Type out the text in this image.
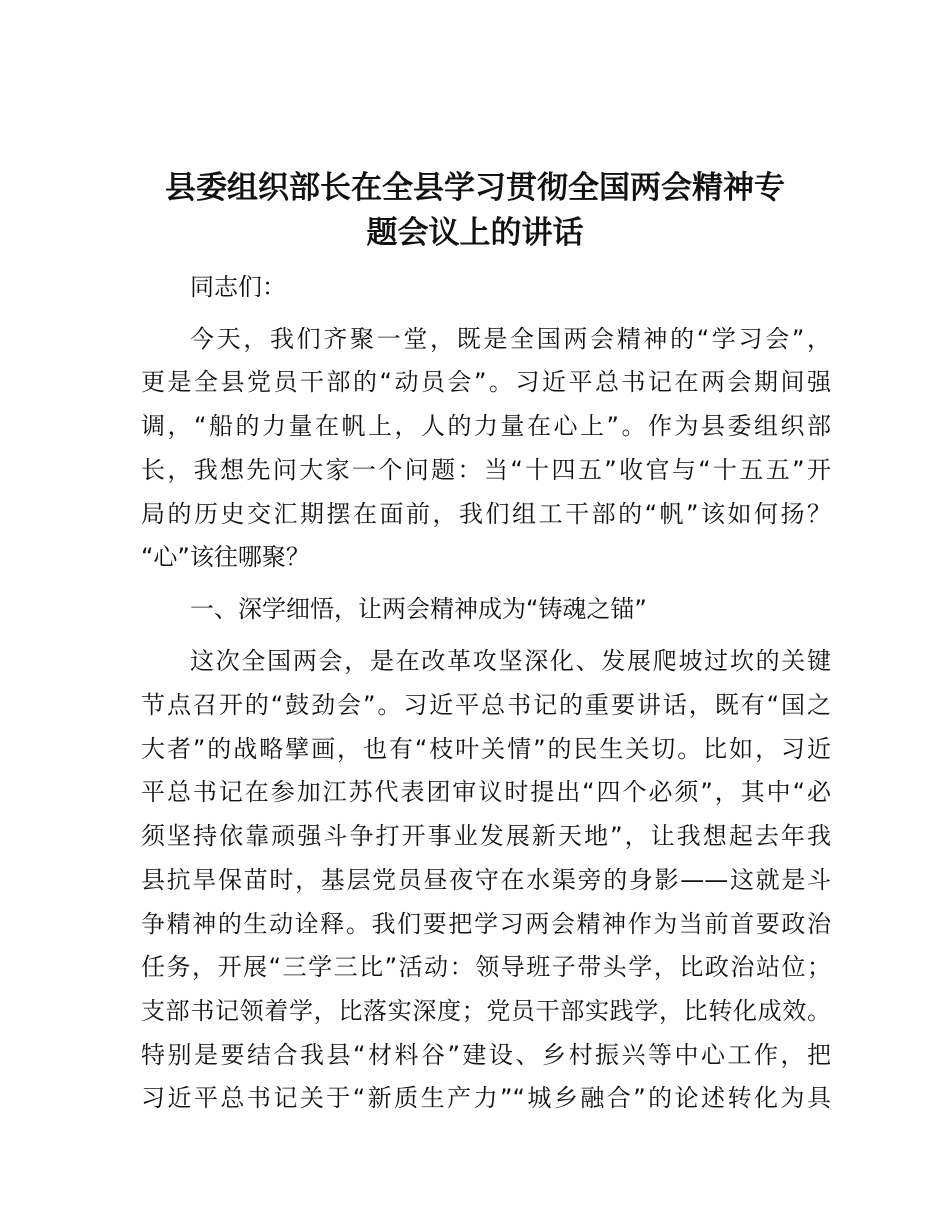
县委组织部长在全县学习贯彻全国两会精神专
题会议上的讲话

同志们：

今天，我们齐聚一堂，既是全国两会精神的“学习会”，

更是全县党员干部的“动员会”。习近平总书记在两会期间强

调，“船的力量在帆上，人的力量在心上”。作为县委组织部

长，我想先问大家一个问题：当“十四五”收官与“十五五”开

局的历史交汇期摆在面前，我们组工干部的“帆”该如何扬？

“心”该往哪聚？

一、深学细悟，让两会精神成为“铸魂之锚”

这次全国两会，是在改革攻坚深化、发展爬坡过坎的关键

节点召开的“鼓劲会”。习近平总书记的重要讲话，既有“国之

大者”的战略擘画，也有“枝叶关情”的民生关切。比如，习近

平总书记在参加江苏代表团审议时提出“四个必须”，其中“必

须坚持依靠顽强斗争打开事业发展新天地”，让我想起去年我

县抗旱保苗时，基层党员昼夜守在水渠旁的身影——这就是斗

争精神的生动诠释。我们要把学习两会精神作为当前首要政治

任务，开展“三学三比”活动：领导班子带头学，比政治站位；

支部书记领着学，比落实深度；党员干部实践学，比转化成效。

特别是要结合我县“材料谷”建设、乡村振兴等中心工作，把

习近平总书记关于“新质生产力”“城乡融合”的论述转化为具
